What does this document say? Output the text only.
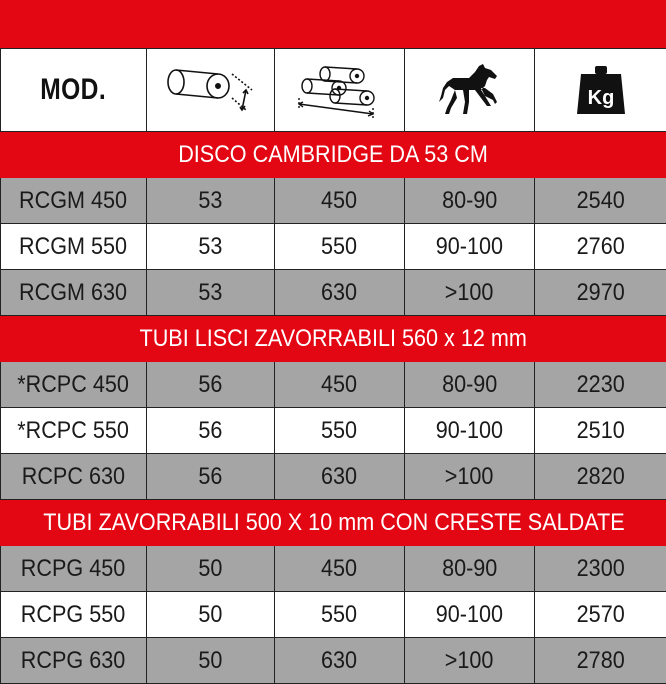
MOD.				Kg

DISCO CAMBRIDGE DA 53 CM				
RCGM 450	53	450	80-90	2540
RCGM 550	53	550	90-100	2760
RCGM 630	53	630	>100	2970
TUBI LISCI ZAVORRABILI 560 x 12 mm				
*RCPC 450	56	450	80-90	2230
*RCPC 550	56	550	90-100	2510
RCPC 630	56	630	>100	2820
TUBI ZAVORRABILI 500 X 10 mm CON CRESTE SALDATE				
RCPG 450	50	450	80-90	2300
RCPG 550	50	550	90-100	2570
RCPG 630	50	630	>100	2780
